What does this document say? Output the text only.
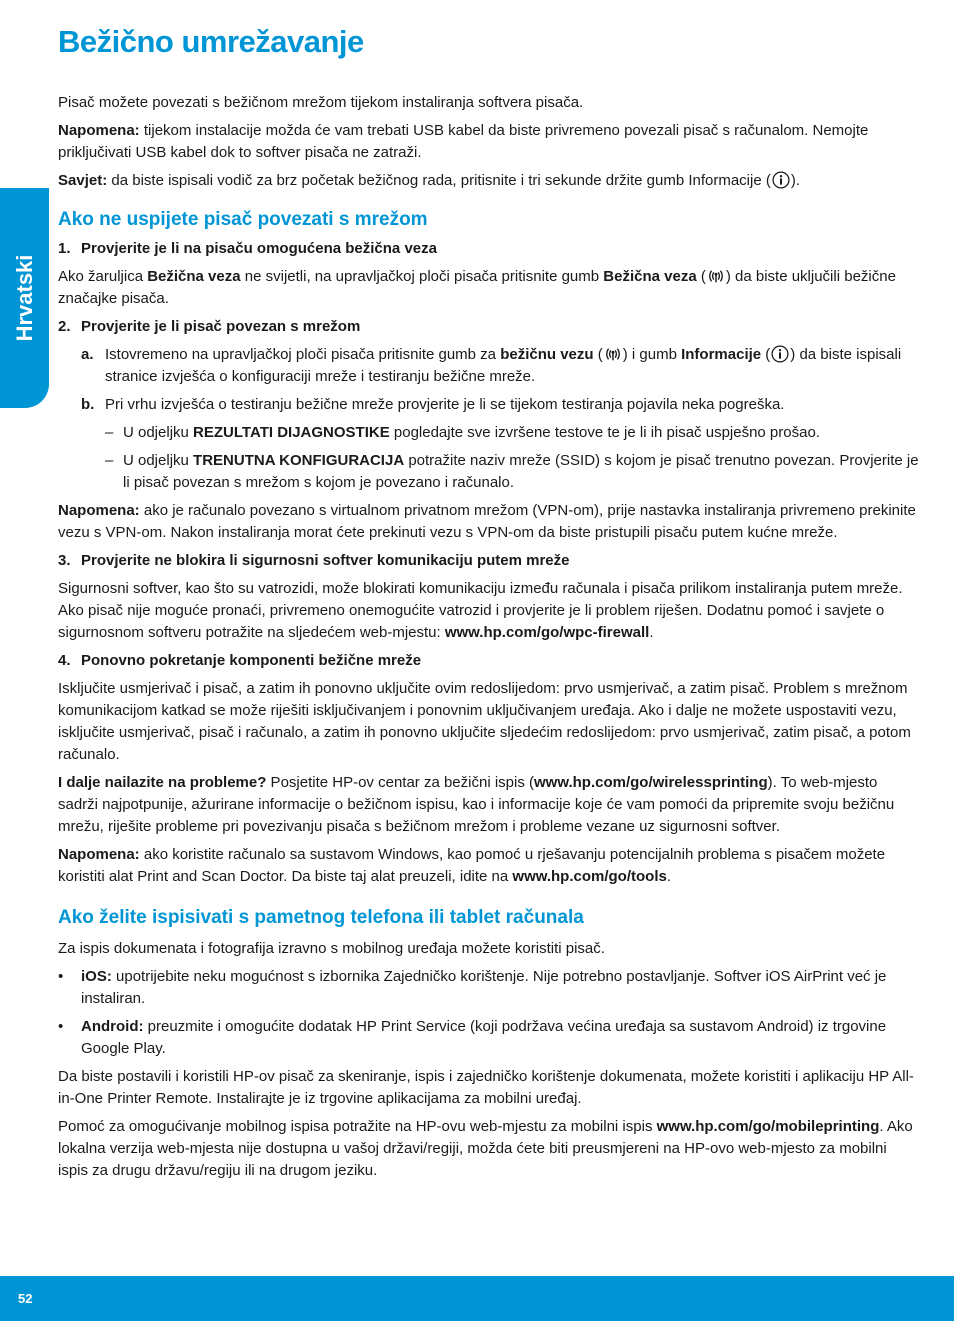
Bežično umrežavanje
Hrvatski

Pisač možete povezati s bežičnom mrežom tijekom instaliranja softvera pisača.

Napomena: tijekom instalacije možda će vam trebati USB kabel da biste privremeno povezali pisač s računalom. Nemojte priključivati USB kabel dok to softver pisača ne zatraži.

Savjet: da biste ispisali vodič za brz početak bežičnog rada, pritisnite i tri sekunde držite gumb Informacije ( ).

Ako ne uspijete pisač povezati s mrežom
1. Provjerite je li na pisaču omogućena bežična veza

Ako žaruljica Bežična veza ne svijetli, na upravljačkoj ploči pisača pritisnite gumb Bežična veza ( ) da biste uključili bežične značajke pisača.

2. Provjerite je li pisač povezan s mrežom
a. Istovremeno na upravljačkoj ploči pisača pritisnite gumb za bežičnu vezu ( ) i gumb Informacije ( ) da biste ispisali stranice izvješća o konfiguraciji mreže i testiranju bežične mreže.
b. Pri vrhu izvješća o testiranju bežične mreže provjerite je li se tijekom testiranja pojavila neka pogreška.
– U odjeljku REZULTATI DIJAGNOSTIKE pogledajte sve izvršene testove te je li ih pisač uspješno prošao.
– U odjeljku TRENUTNA KONFIGURACIJA potražite naziv mreže (SSID) s kojom je pisač trenutno povezan. Provjerite je li pisač povezan s mrežom s kojom je povezano i računalo.

Napomena: ako je računalo povezano s virtualnom privatnom mrežom (VPN-om), prije nastavka instaliranja privremeno prekinite vezu s VPN-om. Nakon instaliranja morat ćete prekinuti vezu s VPN-om da biste pristupili pisaču putem kućne mreže.

3. Provjerite ne blokira li sigurnosni softver komunikaciju putem mreže

Sigurnosni softver, kao što su vatrozidi, može blokirati komunikaciju između računala i pisača prilikom instaliranja putem mreže. Ako pisač nije moguće pronaći, privremeno onemogućite vatrozid i provjerite je li problem riješen. Dodatnu pomoć i savjete o sigurnosnom softveru potražite na sljedećem web-mjestu: www.hp.com/go/wpc-firewall.

4. Ponovno pokretanje komponenti bežične mreže

Isključite usmjerivač i pisač, a zatim ih ponovno uključite ovim redoslijedom: prvo usmjerivač, a zatim pisač. Problem s mrežnom komunikacijom katkad se može riješiti isključivanjem i ponovnim uključivanjem uređaja. Ako i dalje ne možete uspostaviti vezu, isključite usmjerivač, pisač i računalo, a zatim ih ponovno uključite sljedećim redoslijedom: prvo usmjerivač, zatim pisač, a potom računalo.

I dalje nailazite na probleme? Posjetite HP-ov centar za bežični ispis (www.hp.com/go/wirelessprinting). To web-mjesto sadrži najpotpunije, ažurirane informacije o bežičnom ispisu, kao i informacije koje će vam pomoći da pripremite svoju bežičnu mrežu, riješite probleme pri povezivanju pisača s bežičnom mrežom i probleme vezane uz sigurnosni softver.

Napomena: ako koristite računalo sa sustavom Windows, kao pomoć u rješavanju potencijalnih problema s pisačem možete koristiti alat Print and Scan Doctor. Da biste taj alat preuzeli, idite na www.hp.com/go/tools.

Ako želite ispisivati s pametnog telefona ili tablet računala

Za ispis dokumenata i fotografija izravno s mobilnog uređaja možete koristiti pisač.

•	iOS: upotrijebite neku mogućnost s izbornika Zajedničko korištenje. Nije potrebno postavljanje. Softver iOS AirPrint već je instaliran.
•	Android: preuzmite i omogućite dodatak HP Print Service (koji podržava većina uređaja sa sustavom Android) iz trgovine Google Play.

Da biste postavili i koristili HP-ov pisač za skeniranje, ispis i zajedničko korištenje dokumenata, možete koristiti i aplikaciju HP All-in-One Printer Remote. Instalirajte je iz trgovine aplikacijama za mobilni uređaj.

Pomoć za omogućivanje mobilnog ispisa potražite na HP-ovu web-mjestu za mobilni ispis www.hp.com/go/mobileprinting. Ako lokalna verzija web-mjesta nije dostupna u vašoj državi/regiji, možda ćete biti preusmjereni na HP-ovo web-mjesto za mobilni ispis za drugu državu/regiju ili na drugom jeziku.

52
